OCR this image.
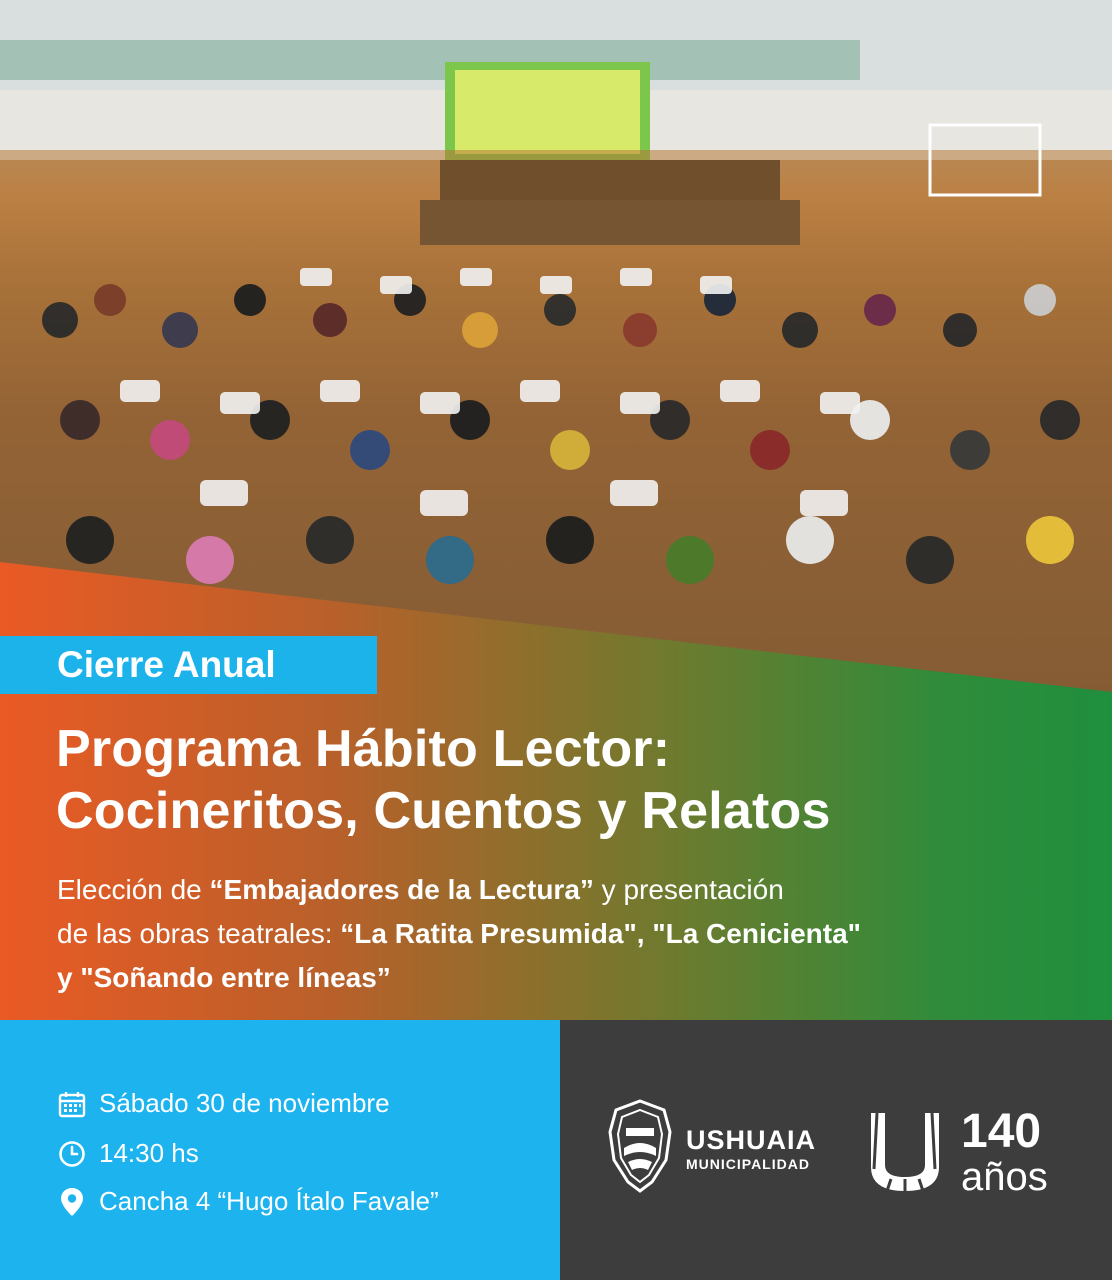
Cierre Anual
Programa Hábito Lector:
Cocineritos, Cuentos y Relatos
Elección de “Embajadores de la Lectura” y presentación
de las obras teatrales: “La Ratita Presumida", "La Cenicienta"
y "Soñando entre líneas”
Sábado 30 de noviembre
14:30 hs
Cancha 4 “Hugo Ítalo Favale”
USHUAIA
MUNICIPALIDAD
140
años
